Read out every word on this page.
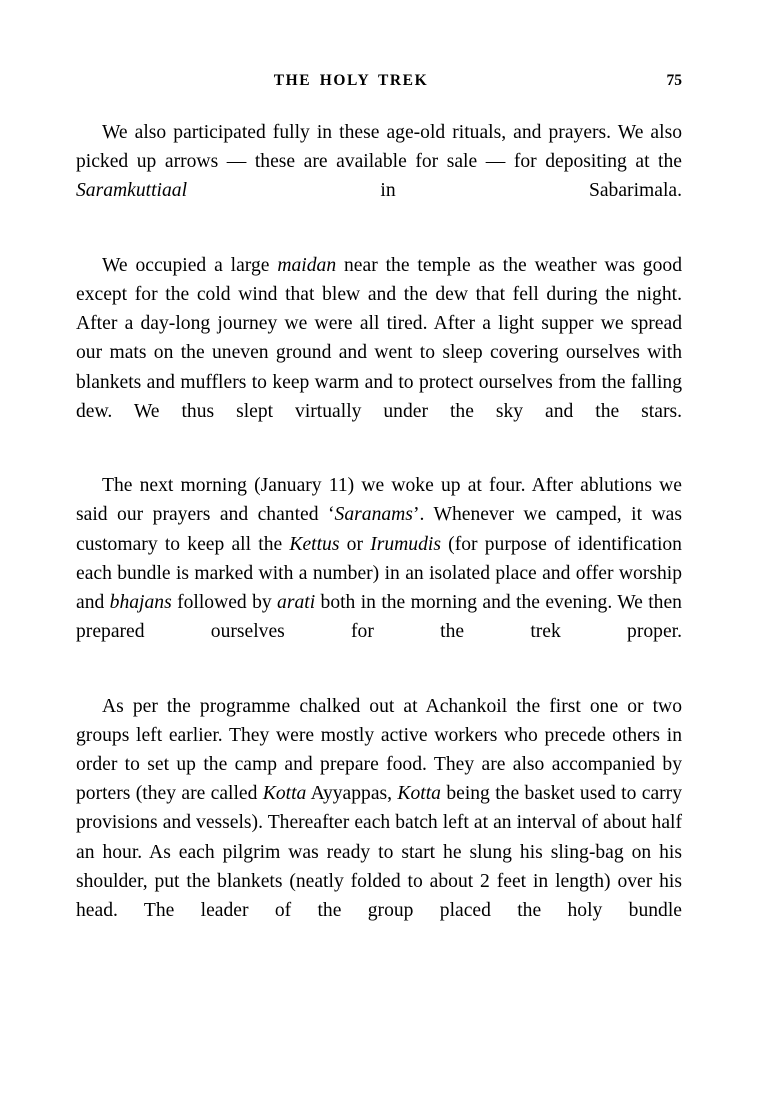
THE HOLY TREK	75

We also participated fully in these age-old rituals, and prayers. We also picked up arrows — these are available for sale — for depositing at the Saramkuttiaal in Sabarimala.

We occupied a large maidan near the temple as the weather was good except for the cold wind that blew and the dew that fell during the night. After a day-long journey we were all tired. After a light supper we spread our mats on the uneven ground and went to sleep covering ourselves with blankets and mufflers to keep warm and to protect ourselves from the falling dew. We thus slept virtually under the sky and the stars.

The next morning (January 11) we woke up at four. After ablutions we said our prayers and chanted ‘Saranams’. Whenever we camped, it was customary to keep all the Kettus or Irumudis (for purpose of identification each bundle is marked with a number) in an isolated place and offer worship and bhajans followed by arati both in the morning and the evening. We then prepared ourselves for the trek proper.

As per the programme chalked out at Achankoil the first one or two groups left earlier. They were mostly active workers who precede others in order to set up the camp and prepare food. They are also accompanied by porters (they are called Kotta Ayyappas, Kotta being the basket used to carry provisions and vessels). Thereafter each batch left at an interval of about half an hour. As each pilgrim was ready to start he slung his sling-bag on his shoulder, put the blankets (neatly folded to about 2 feet in length) over his head. The leader of the group placed the holy bundle
